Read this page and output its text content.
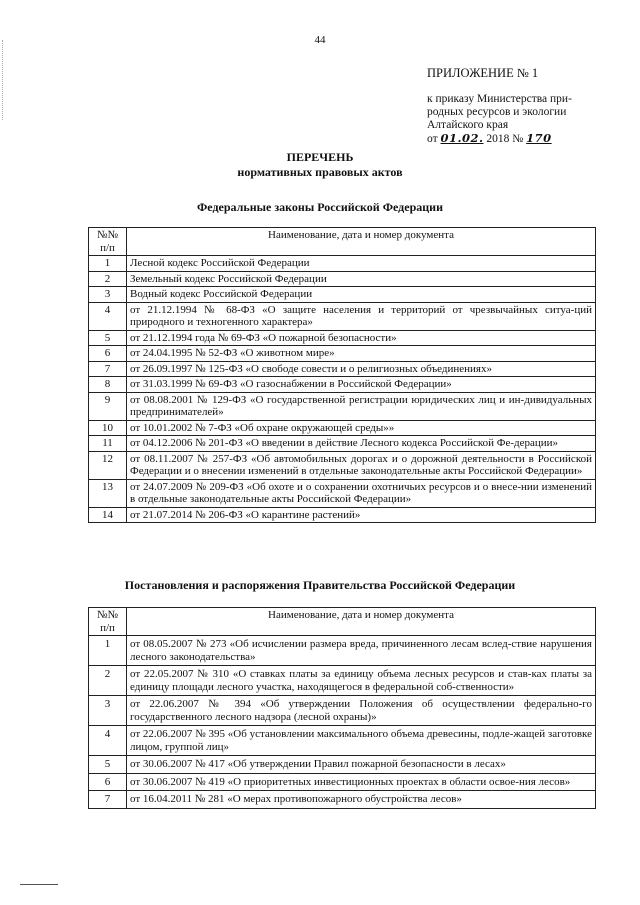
44
ПРИЛОЖЕНИЕ № 1
к приказу Министерства при-
родных ресурсов и экологии
Алтайского края
от 01.02. 2018 № 170
ПЕРЕЧЕНЬ
нормативных правовых актов
Федеральные законы Российской Федерации
№№ п/п	Наименование, дата и номер документа
1	Лесной кодекс Российской Федерации
2	Земельный кодекс Российской Федерации
3	Водный кодекс Российской Федерации
4	от 21.12.1994 № 68-ФЗ «О защите населения и территорий от чрезвычайных ситуа-ций природного и техногенного характера»
5	от 21.12.1994 года № 69-ФЗ «О пожарной безопасности»
6	от 24.04.1995 № 52-ФЗ «О животном мире»
7	от 26.09.1997 № 125-ФЗ «О свободе совести и о религиозных объединениях»
8	от 31.03.1999 № 69-ФЗ «О газоснабжении в Российской Федерации»
9	от 08.08.2001 № 129-ФЗ «О государственной регистрации юридических лиц и ин-дивидуальных предпринимателей»
10	от 10.01.2002 № 7-ФЗ «Об охране окружающей среды»»
11	от 04.12.2006 № 201-ФЗ «О введении в действие Лесного кодекса Российской Фе-дерации»
12	от 08.11.2007 № 257-ФЗ «Об автомобильных дорогах и о дорожной деятельности в Российской Федерации и о внесении изменений в отдельные законодательные акты Российской Федерации»
13	от 24.07.2009 № 209-ФЗ «Об охоте и о сохранении охотничьих ресурсов и о внесе-нии изменений в отдельные законодательные акты Российской Федерации»
14	от 21.07.2014 № 206-ФЗ «О карантине растений»
Постановления и распоряжения Правительства Российской Федерации
№№ п/п	Наименование, дата и номер документа
1	от 08.05.2007 № 273 «Об исчислении размера вреда, причиненного лесам вслед-ствие нарушения лесного законодательства»
2	от 22.05.2007 № 310 «О ставках платы за единицу объема лесных ресурсов и став-ках платы за единицу площади лесного участка, находящегося в федеральной соб-ственности»
3	от 22.06.2007 № 394 «Об утверждении Положения об осуществлении федерально-го государственного лесного надзора (лесной охраны)»
4	от 22.06.2007 № 395 «Об установлении максимального объема древесины, подле-жащей заготовке лицом, группой лиц»
5	от 30.06.2007 № 417 «Об утверждении Правил пожарной безопасности в лесах»
6	от 30.06.2007 № 419 «О приоритетных инвестиционных проектах в области освое-ния лесов»
7	от 16.04.2011 № 281 «О мерах противопожарного обустройства лесов»
